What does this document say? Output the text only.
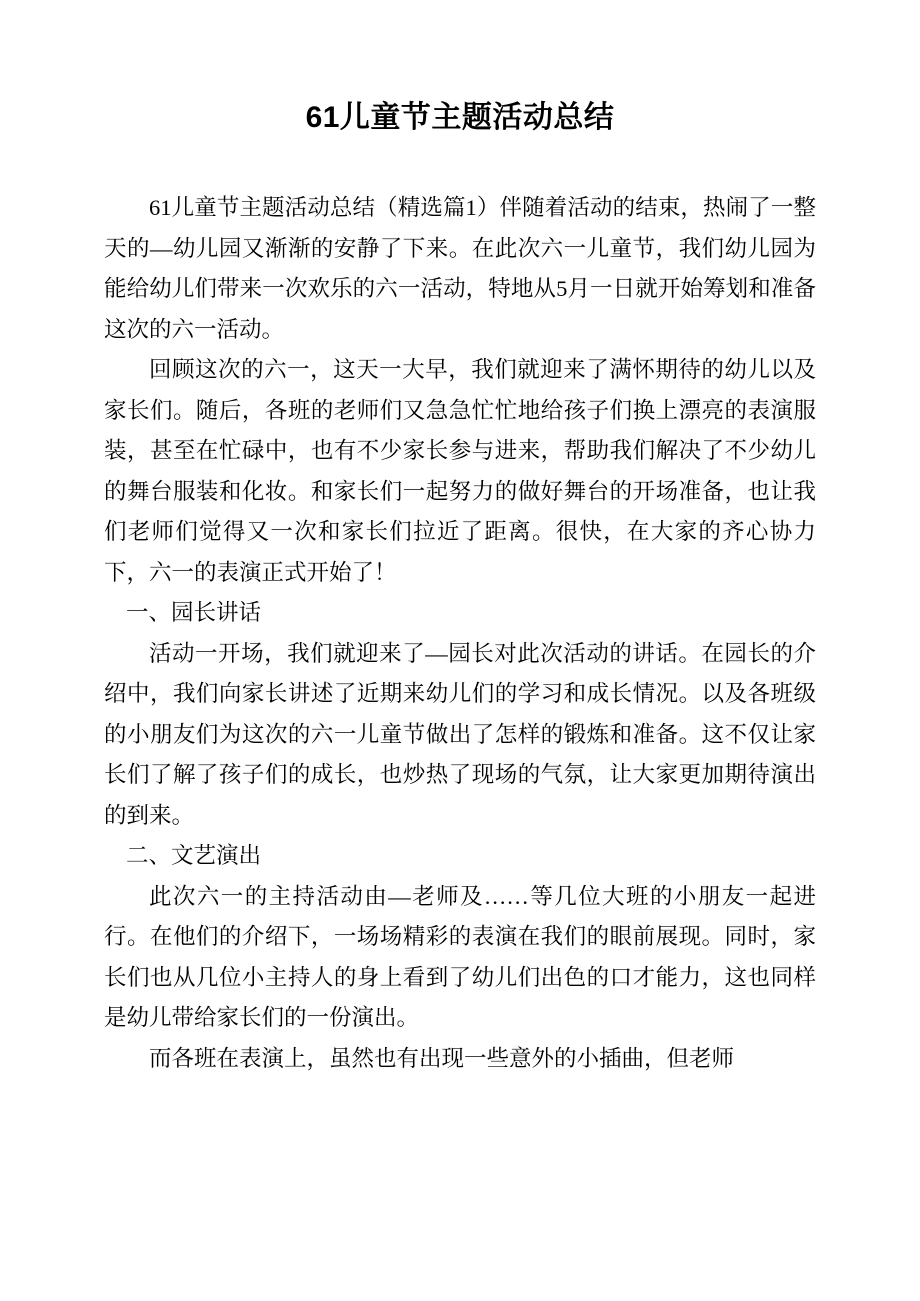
61儿童节主题活动总结

61儿童节主题活动总结（精选篇1）伴随着活动的结束，热闹了一整天的—幼儿园又渐渐的安静了下来。在此次六一儿童节，我们幼儿园为能给幼儿们带来一次欢乐的六一活动，特地从5月一日就开始筹划和准备这次的六一活动。

回顾这次的六一，这天一大早，我们就迎来了满怀期待的幼儿以及家长们。随后，各班的老师们又急急忙忙地给孩子们换上漂亮的表演服装，甚至在忙碌中，也有不少家长参与进来，帮助我们解决了不少幼儿的舞台服装和化妆。和家长们一起努力的做好舞台的开场准备，也让我们老师们觉得又一次和家长们拉近了距离。很快，在大家的齐心协力下，六一的表演正式开始了！

一、园长讲话

活动一开场，我们就迎来了—园长对此次活动的讲话。在园长的介绍中，我们向家长讲述了近期来幼儿们的学习和成长情况。以及各班级的小朋友们为这次的六一儿童节做出了怎样的锻炼和准备。这不仅让家长们了解了孩子们的成长，也炒热了现场的气氛，让大家更加期待演出的到来。

二、文艺演出

此次六一的主持活动由—老师及……等几位大班的小朋友一起进行。在他们的介绍下，一场场精彩的表演在我们的眼前展现。同时，家长们也从几位小主持人的身上看到了幼儿们出色的口才能力，这也同样是幼儿带给家长们的一份演出。

而各班在表演上，虽然也有出现一些意外的小插曲，但老师
